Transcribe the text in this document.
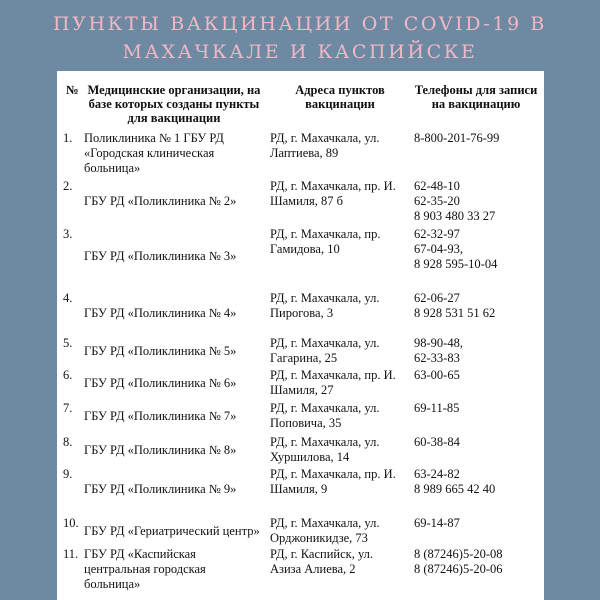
ПУНКТЫ ВАКЦИНАЦИИ ОТ COVID-19 В МАХАЧКАЛЕ И КАСПИЙСКЕ
№ Медицинские организации, на базе которых созданы пункты для вакцинации
Адреса пунктов вакцинации
Телефоны для записи на вакцинацию
1. Поликлиника № 1 ГБУ РД
«Городская клиническая
больница»
РД, г. Махачкала, ул.
Лаптиева, 89
8-800-201-76-99
2.
ГБУ РД «Поликлиника № 2»
РД, г. Махачкала, пр. И.
Шамиля, 87 б
62-48-10
62-35-20
8 903 480 33 27
3.
ГБУ РД «Поликлиника № 3»
РД, г. Махачкала, пр.
Гамидова, 10
62-32-97
67-04-93,
8 928 595-10-04
4.
ГБУ РД «Поликлиника № 4»
РД, г. Махачкала, ул.
Пирогова, 3
62-06-27
8 928 531 51 62
5.
ГБУ РД «Поликлиника № 5»
РД, г. Махачкала, ул.
Гагарина, 25
98-90-48,
62-33-83
6.
ГБУ РД «Поликлиника № 6»
РД, г. Махачкала, пр. И.
Шамиля, 27
63-00-65
7.
ГБУ РД «Поликлиника № 7»
РД, г. Махачкала, ул.
Поповича, 35
69-11-85
8.
ГБУ РД «Поликлиника № 8»
РД, г. Махачкала, ул.
Хуршилова, 14
60-38-84
9.
ГБУ РД «Поликлиника № 9»
РД, г. Махачкала, пр. И.
Шамиля, 9
63-24-82
8 989 665 42 40
10.
ГБУ РД «Гериатрический центр»
РД, г. Махачкала, ул.
Орджоникидзе, 73
69-14-87
11. ГБУ РД «Каспийская
центральная городская
больница»
РД, г. Каспийск, ул.
Азиза Алиева, 2
8 (87246)5-20-08
8 (87246)5-20-06
